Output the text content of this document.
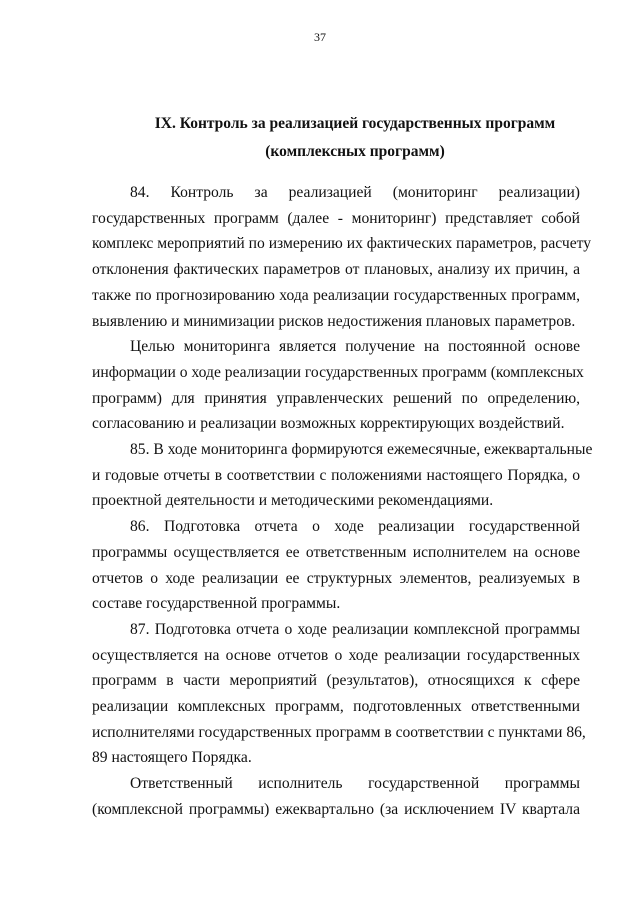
37
IX. Контроль за реализацией государственных программ
(комплексных программ)
84. Контроль за реализацией (мониторинг реализации)
государственных программ (далее - мониторинг) представляет собой
комплекс мероприятий по измерению их фактических параметров, расчету
отклонения фактических параметров от плановых, анализу их причин, а
также по прогнозированию хода реализации государственных программ,
выявлению и минимизации рисков недостижения плановых параметров.
Целью мониторинга является получение на постоянной основе
информации о ходе реализации государственных программ (комплексных
программ) для принятия управленческих решений по определению,
согласованию и реализации возможных корректирующих воздействий.
85. В ходе мониторинга формируются ежемесячные, ежеквартальные
и годовые отчеты в соответствии с положениями настоящего Порядка, о
проектной деятельности и методическими рекомендациями.
86. Подготовка отчета о ходе реализации государственной
программы осуществляется ее ответственным исполнителем на основе
отчетов о ходе реализации ее структурных элементов, реализуемых в
составе государственной программы.
87. Подготовка отчета о ходе реализации комплексной программы
осуществляется на основе отчетов о ходе реализации государственных
программ в части мероприятий (результатов), относящихся к сфере
реализации комплексных программ, подготовленных ответственными
исполнителями государственных программ в соответствии с пунктами 86,
89 настоящего Порядка.
Ответственный исполнитель государственной программы
(комплексной программы) ежеквартально (за исключением IV квартала
